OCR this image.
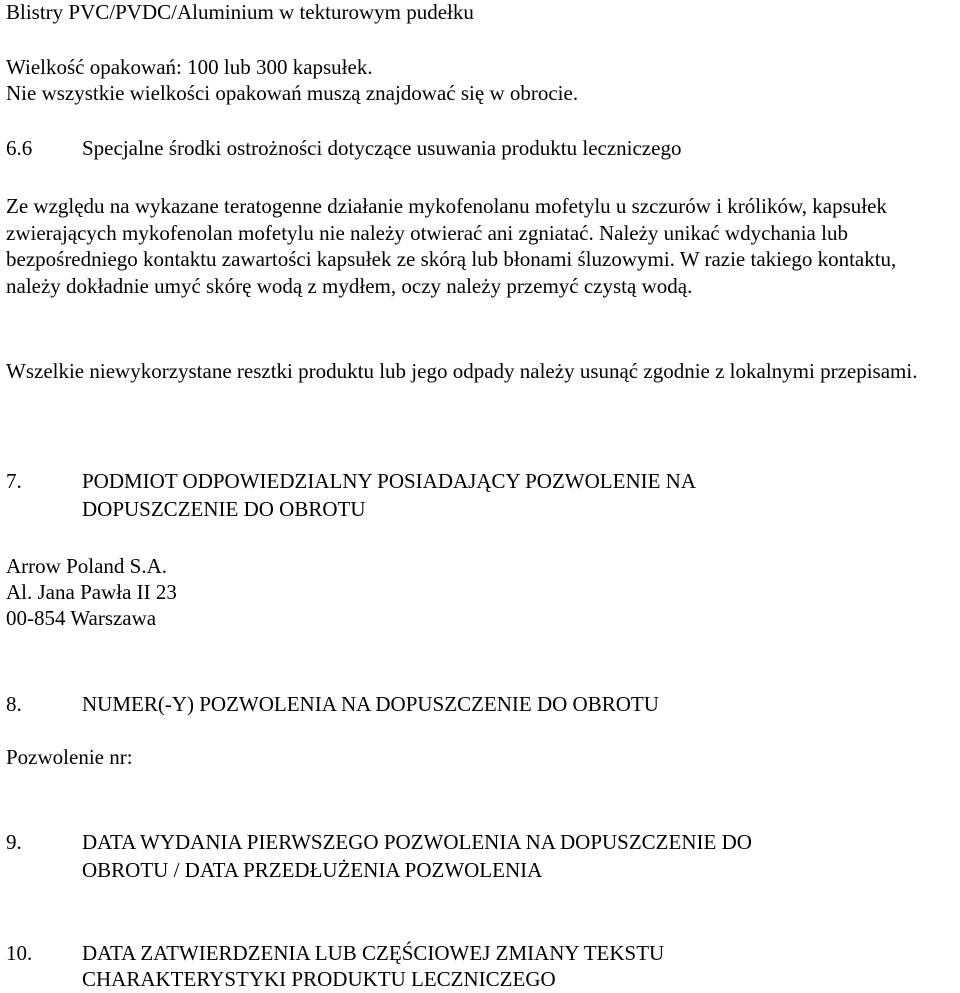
Blistry PVC/PVDC/Aluminium w tekturowym pudełku
Wielkość opakowań: 100 lub 300 kapsułek.
Nie wszystkie wielkości opakowań muszą znajdować się w obrocie.
6.6 Specjalne środki ostrożności dotyczące usuwania produktu leczniczego
Ze względu na wykazane teratogenne działanie mykofenolanu mofetylu u szczurów i królików, kapsułek zwierających mykofenolan mofetylu nie należy otwierać ani zgniatać. Należy unikać wdychania lub bezpośredniego kontaktu zawartości kapsułek ze skórą lub błonami śluzowymi. W razie takiego kontaktu, należy dokładnie umyć skórę wodą z mydłem, oczy należy przemyć czystą wodą.
Wszelkie niewykorzystane resztki produktu lub jego odpady należy usunąć zgodnie z lokalnymi przepisami.
7.	PODMIOT ODPOWIEDZIALNY POSIADAJĄCY POZWOLENIE NA
DOPUSZCZENIE DO OBROTU
Arrow Poland S.A.
Al. Jana Pawła II 23
00-854 Warszawa
8.	NUMER(-Y) POZWOLENIA NA DOPUSZCZENIE DO OBROTU
Pozwolenie nr:
9.	DATA WYDANIA PIERWSZEGO POZWOLENIA NA DOPUSZCZENIE DO
OBROTU / DATA PRZEDŁUŻENIA POZWOLENIA
10. DATA ZATWIERDZENIA LUB CZĘŚCIOWEJ ZMIANY TEKSTU
CHARAKTERYSTYKI PRODUKTU LECZNICZEGO
